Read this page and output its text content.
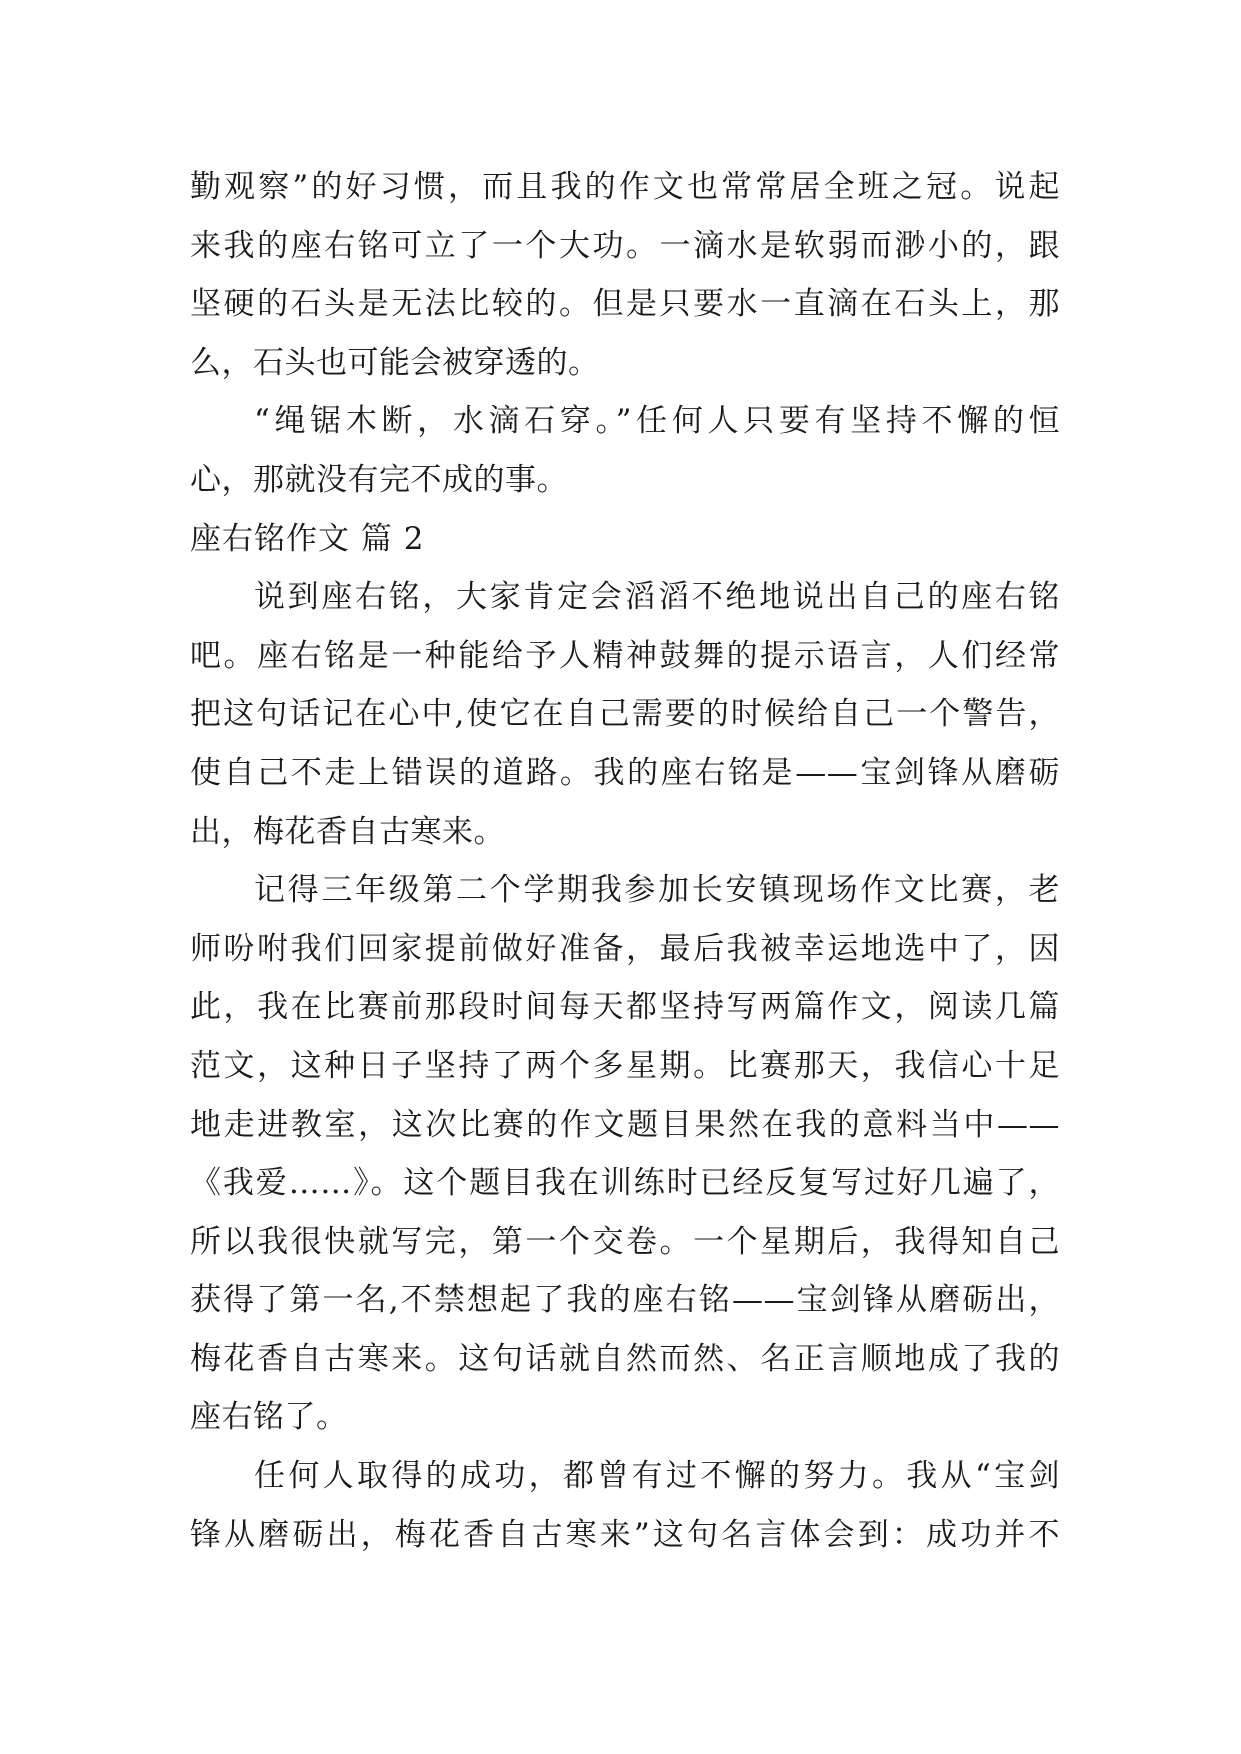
勤观察”的好习惯，而且我的作文也常常居全班之冠。说起
来我的座右铭可立了一个大功。一滴水是软弱而渺小的，跟
坚硬的石头是无法比较的。但是只要水一直滴在石头上，那
么，石头也可能会被穿透的。
“绳锯木断，水滴石穿。”任何人只要有坚持不懈的恒
心，那就没有完不成的事。
座右铭作文 篇 2
说到座右铭，大家肯定会滔滔不绝地说出自己的座右铭
吧。座右铭是一种能给予人精神鼓舞的提示语言，人们经常
把这句话记在心中,使它在自己需要的时候给自己一个警告，
使自己不走上错误的道路。我的座右铭是——宝剑锋从磨砺
出，梅花香自古寒来。
记得三年级第二个学期我参加长安镇现场作文比赛，老
师吩咐我们回家提前做好准备，最后我被幸运地选中了，因
此，我在比赛前那段时间每天都坚持写两篇作文，阅读几篇
范文，这种日子坚持了两个多星期。比赛那天，我信心十足
地走进教室，这次比赛的作文题目果然在我的意料当中——
《我爱……》。这个题目我在训练时已经反复写过好几遍了，
所以我很快就写完，第一个交卷。一个星期后，我得知自己
获得了第一名,不禁想起了我的座右铭——宝剑锋从磨砺出，
梅花香自古寒来。这句话就自然而然、名正言顺地成了我的
座右铭了。
任何人取得的成功，都曾有过不懈的努力。我从“宝剑
锋从磨砺出，梅花香自古寒来”这句名言体会到：成功并不
